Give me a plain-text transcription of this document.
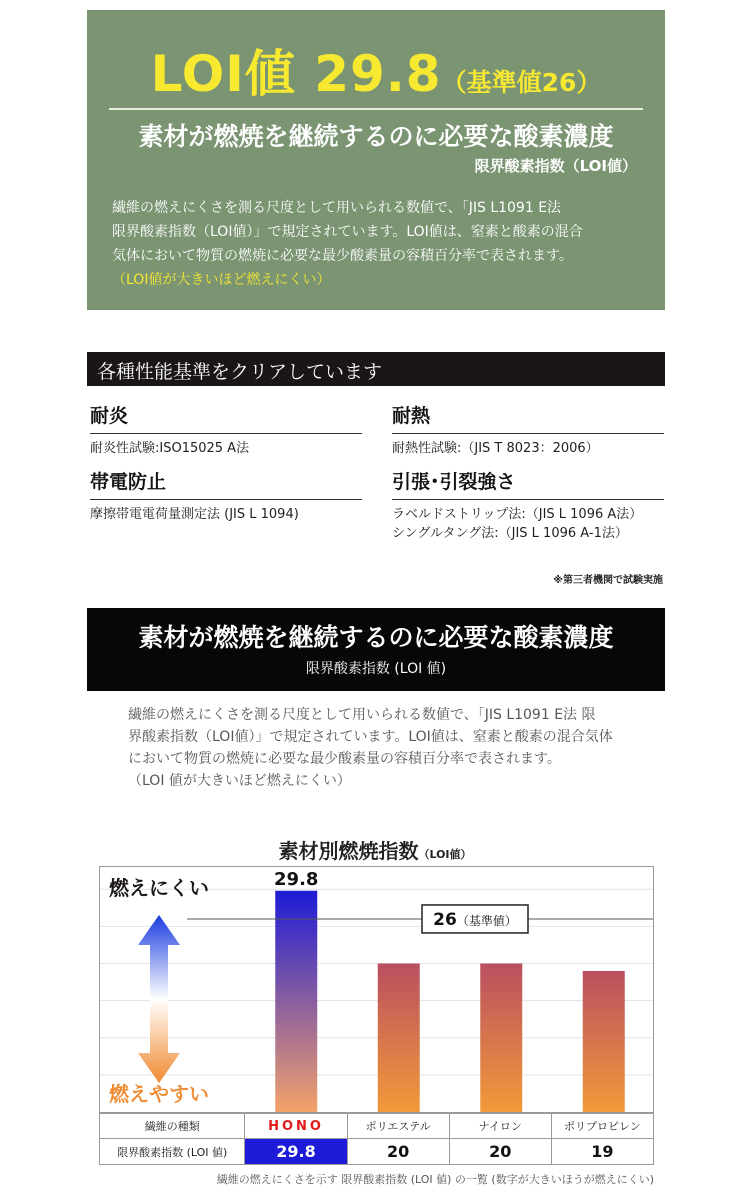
LOI値 29.8（基準値26）
素材が燃焼を継続するのに必要な酸素濃度
限界酸素指数（LOI値）
繊維の燃えにくさを測る尺度として用いられる数値で、「JIS L1091 E法
限界酸素指数（LOI値）」で規定されています。LOI値は、窒素と酸素の混合
気体において物質の燃焼に必要な最少酸素量の容積百分率で表されます。
（LOI値が大きいほど燃えにくい）
各種性能基準をクリアしています
耐炎
耐炎性試験:ISO15025 A法
耐熱
耐熱性試験:（JIS T 8023：2006）
帯電防止
摩擦帯電電荷量測定法 (JIS L 1094)
引張･引裂強さ
ラベルドストリップ法:（JIS L 1096 A法）
シングルタング法:（JIS L 1096 A-1法）
※第三者機関で試験実施
素材が燃焼を継続するのに必要な酸素濃度
限界酸素指数 (LOI 値)
繊維の燃えにくさを測る尺度として用いられる数値で、「JIS L1091 E法 限
界酸素指数（LOI値）」で規定されています。LOI値は、窒素と酸素の混合気体
において物質の燃焼に必要な最少酸素量の容積百分率で表されます。
（LOI 値が大きいほど燃えにくい）
素材別燃焼指数（LOI値）
26（基準値）
29.8
燃えにくい
燃えやすい
繊維の種類	HONO	ポリエステル	ナイロン	ポリプロピレン
限界酸素指数 (LOI 値)	29.8	20	20	19
繊維の燃えにくさを示す 限界酸素指数 (LOI 値) の一覧 (数字が大きいほうが燃えにくい)
